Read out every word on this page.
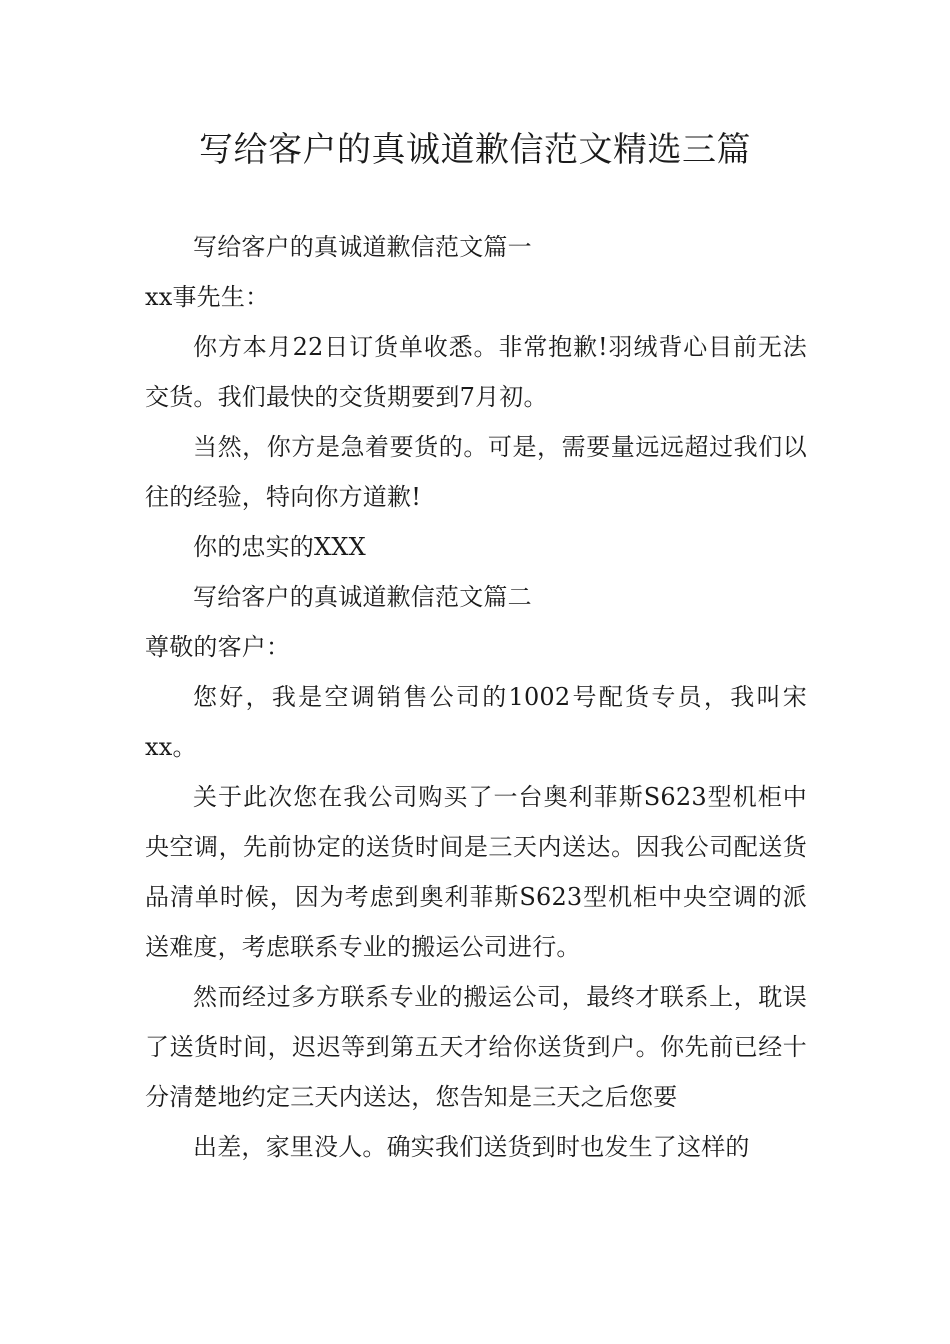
写给客户的真诚道歉信范文精选三篇

写给客户的真诚道歉信范文篇一

xx事先生：

你方本月22日订货单收悉。非常抱歉!羽绒背心目前无法交货。我们最快的交货期要到7月初。

当然，你方是急着要货的。可是，需要量远远超过我们以往的经验，特向你方道歉!

你的忠实的XXX

写给客户的真诚道歉信范文篇二

尊敬的客户：

您好，我是空调销售公司的1002号配货专员，我叫宋xx。

关于此次您在我公司购买了一台奥利菲斯S623型机柜中央空调，先前协定的送货时间是三天内送达。因我公司配送货品清单时候，因为考虑到奥利菲斯S623型机柜中央空调的派送难度，考虑联系专业的搬运公司进行。

然而经过多方联系专业的搬运公司，最终才联系上，耽误了送货时间，迟迟等到第五天才给你送货到户。你先前已经十分清楚地约定三天内送达，您告知是三天之后您要

出差，家里没人。确实我们送货到时也发生了这样的
